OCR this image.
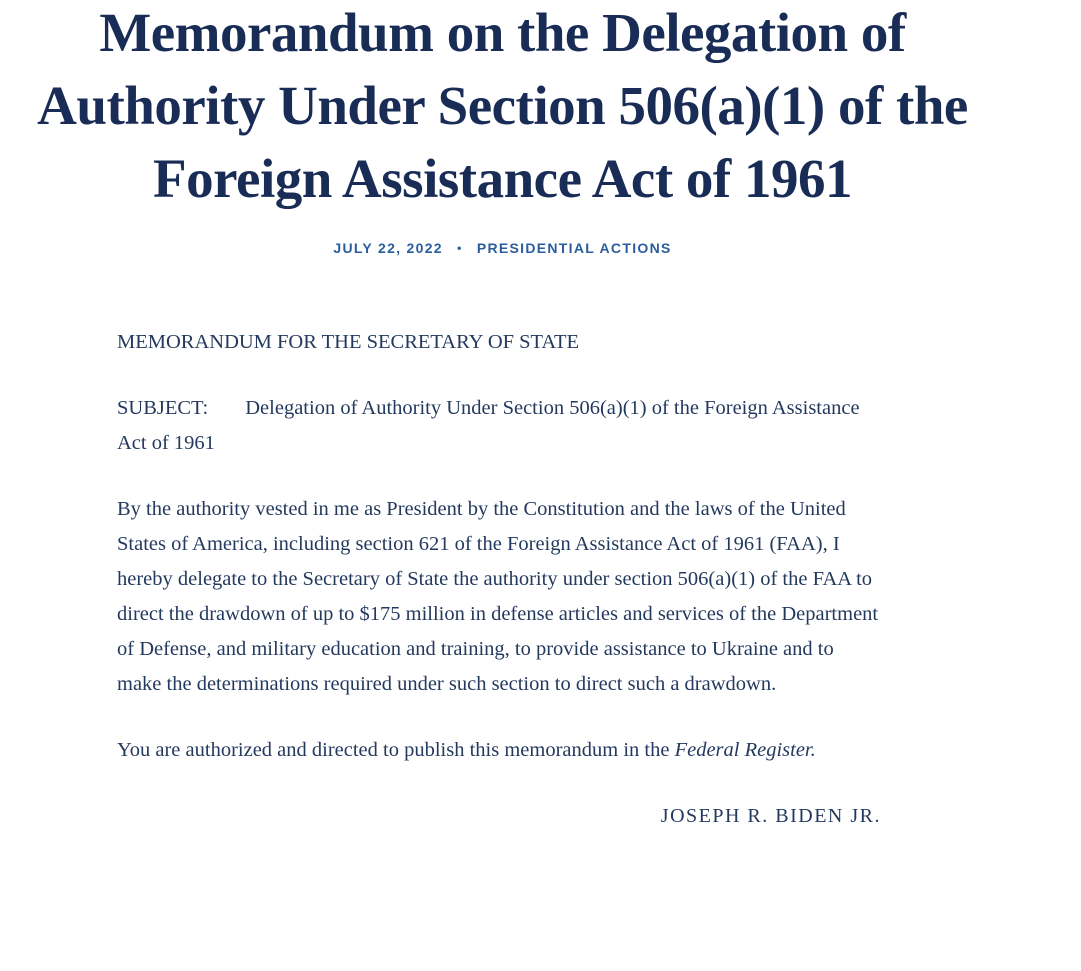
Memorandum on the Delegation of Authority Under Section 506(a)(1) of the Foreign Assistance Act of 1961
JULY 22, 2022 • PRESIDENTIAL ACTIONS

MEMORANDUM FOR THE SECRETARY OF STATE

SUBJECT: Delegation of Authority Under Section 506(a)(1) of the Foreign Assistance Act of 1961

By the authority vested in me as President by the Constitution and the laws of the United States of America, including section 621 of the Foreign Assistance Act of 1961 (FAA), I hereby delegate to the Secretary of State the authority under section 506(a)(1) of the FAA to direct the drawdown of up to $175 million in defense articles and services of the Department of Defense, and military education and training, to provide assistance to Ukraine and to make the determinations required under such section to direct such a drawdown.

You are authorized and directed to publish this memorandum in the Federal Register.

JOSEPH R. BIDEN JR.
